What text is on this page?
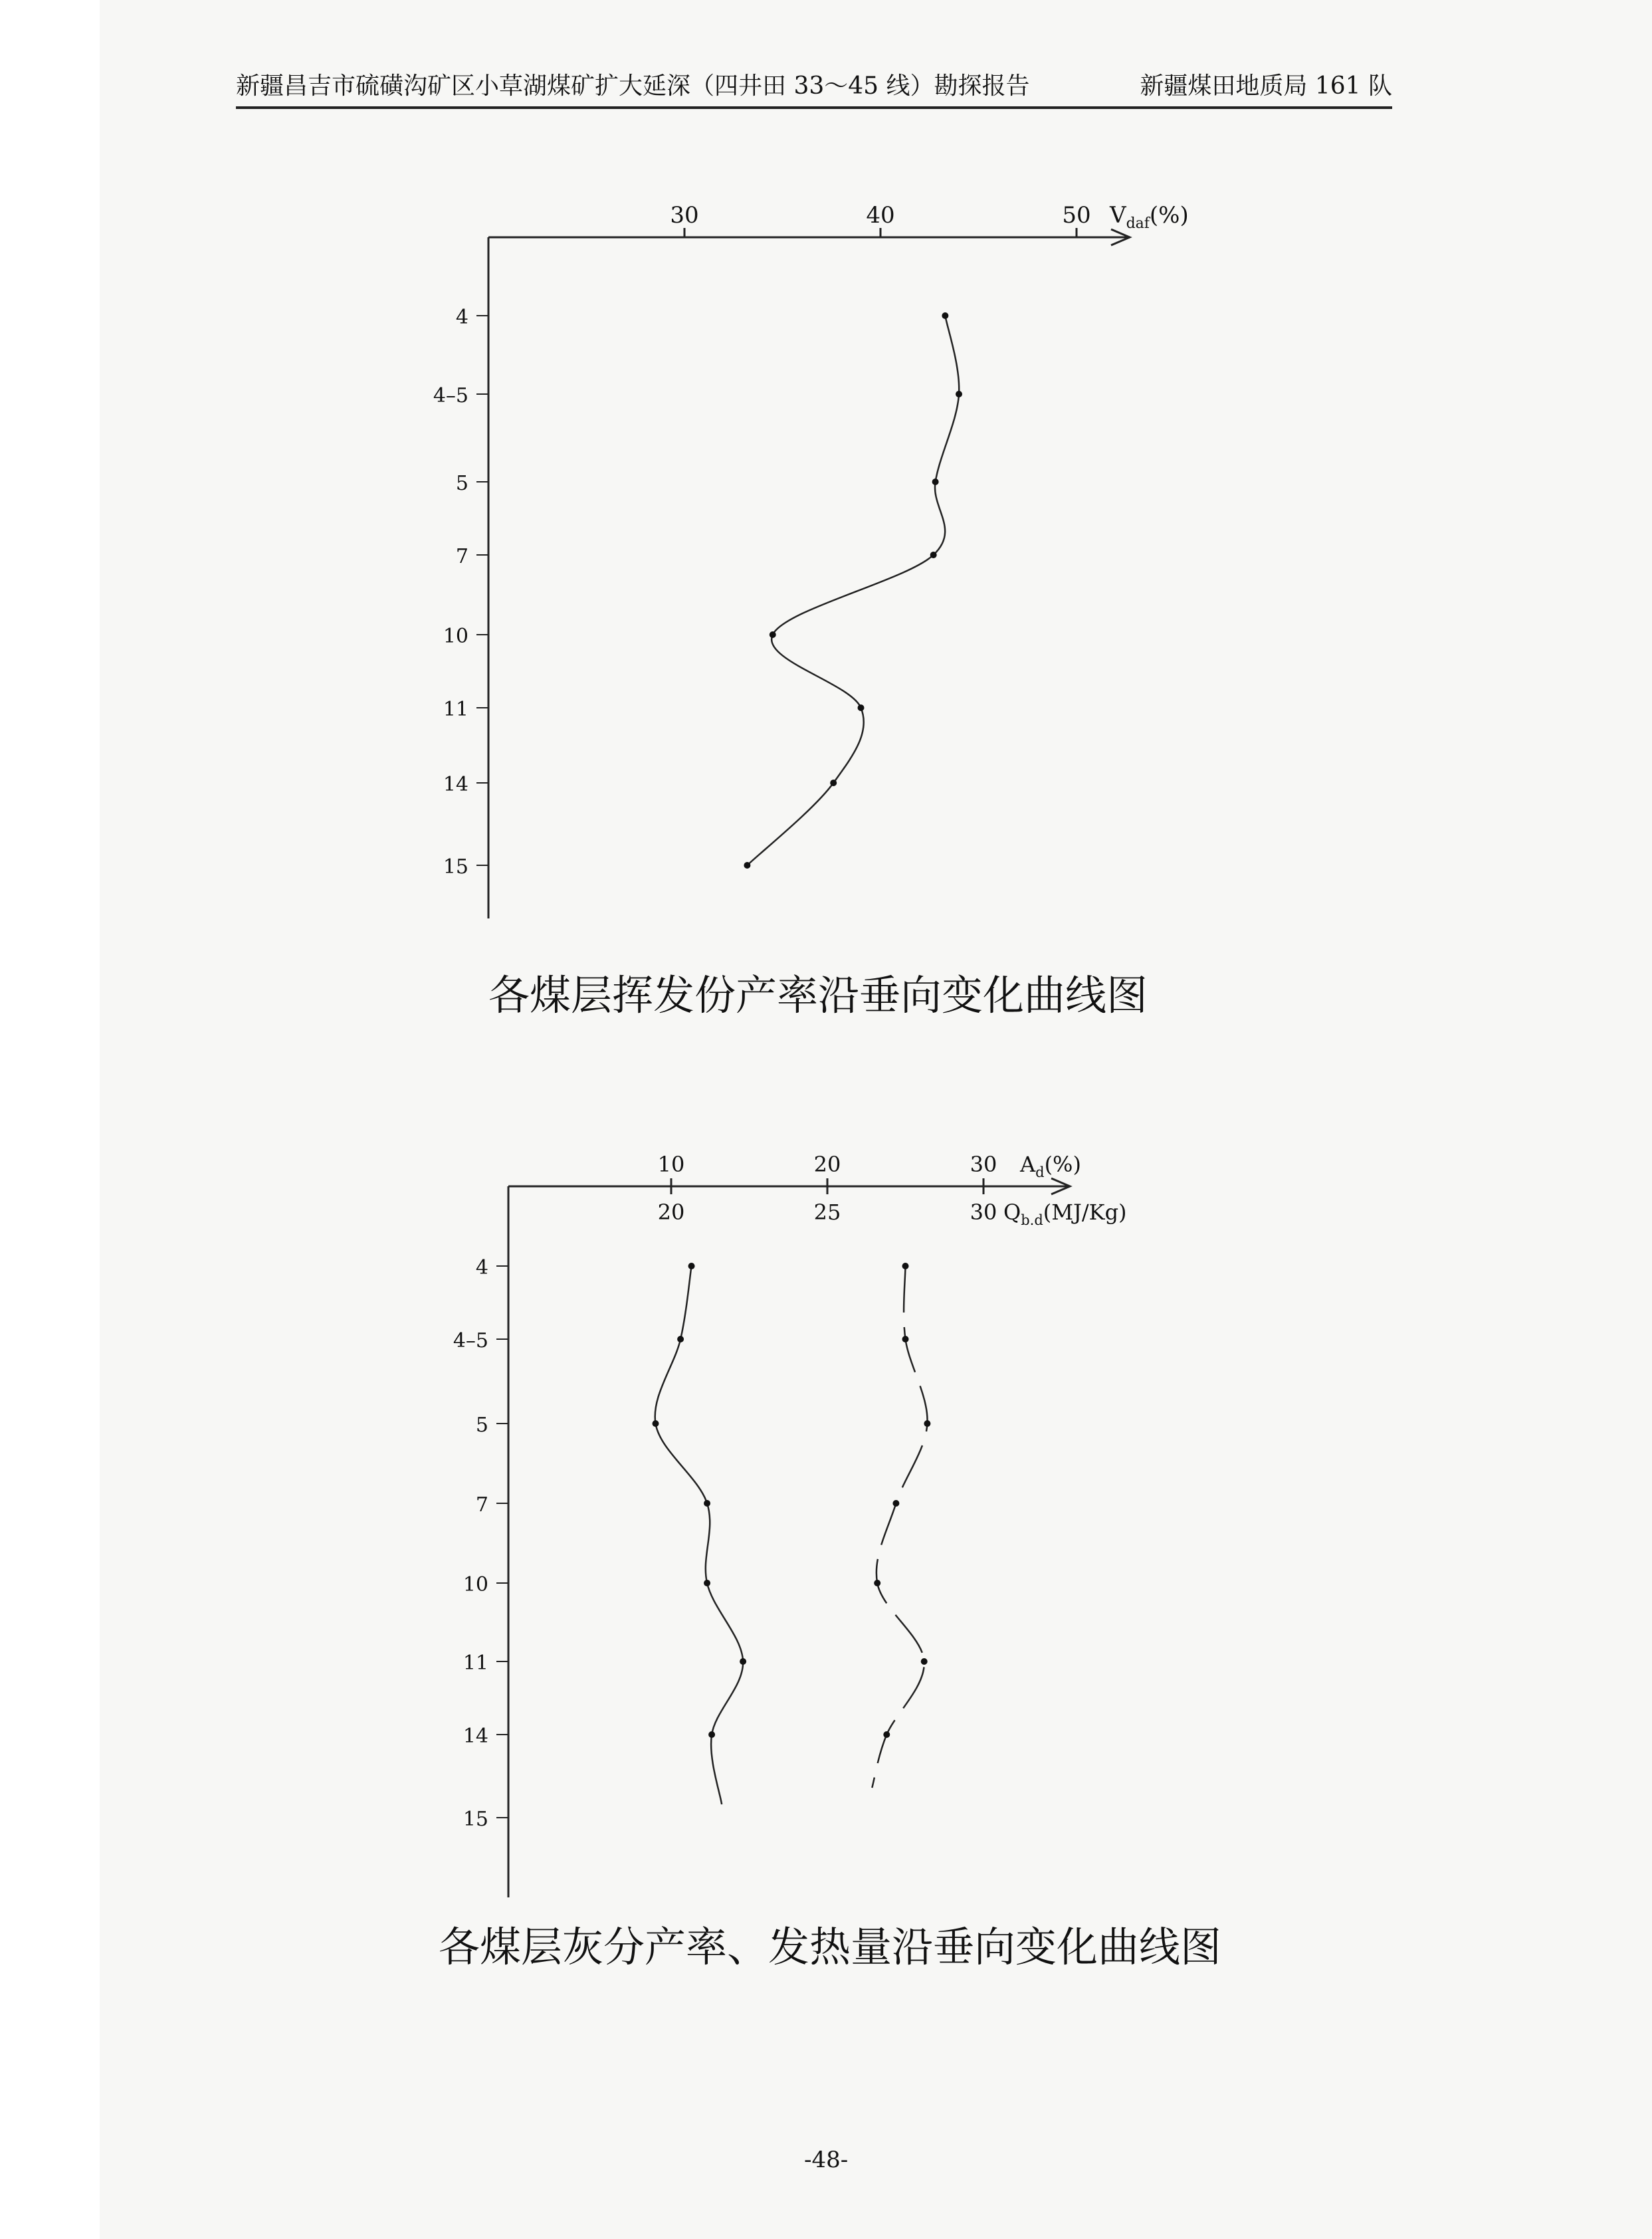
新疆昌吉市硫磺沟矿区小草湖煤矿扩大延深（四井田 33～45 线）勘探报告	新疆煤田地质局 161 队
30	40	50 $V_{daf}(\%)$
4
4–5
5
7
10
11
14
15
10	20	30
20	25	30
$A_d(\%)$
$Q_{b.d}(MJ/Kg)$
4
4–5
5
7
10
11
14
15
各煤层挥发份产率沿垂向变化曲线图
各煤层灰分产率、发热量沿垂向变化曲线图
-48-
